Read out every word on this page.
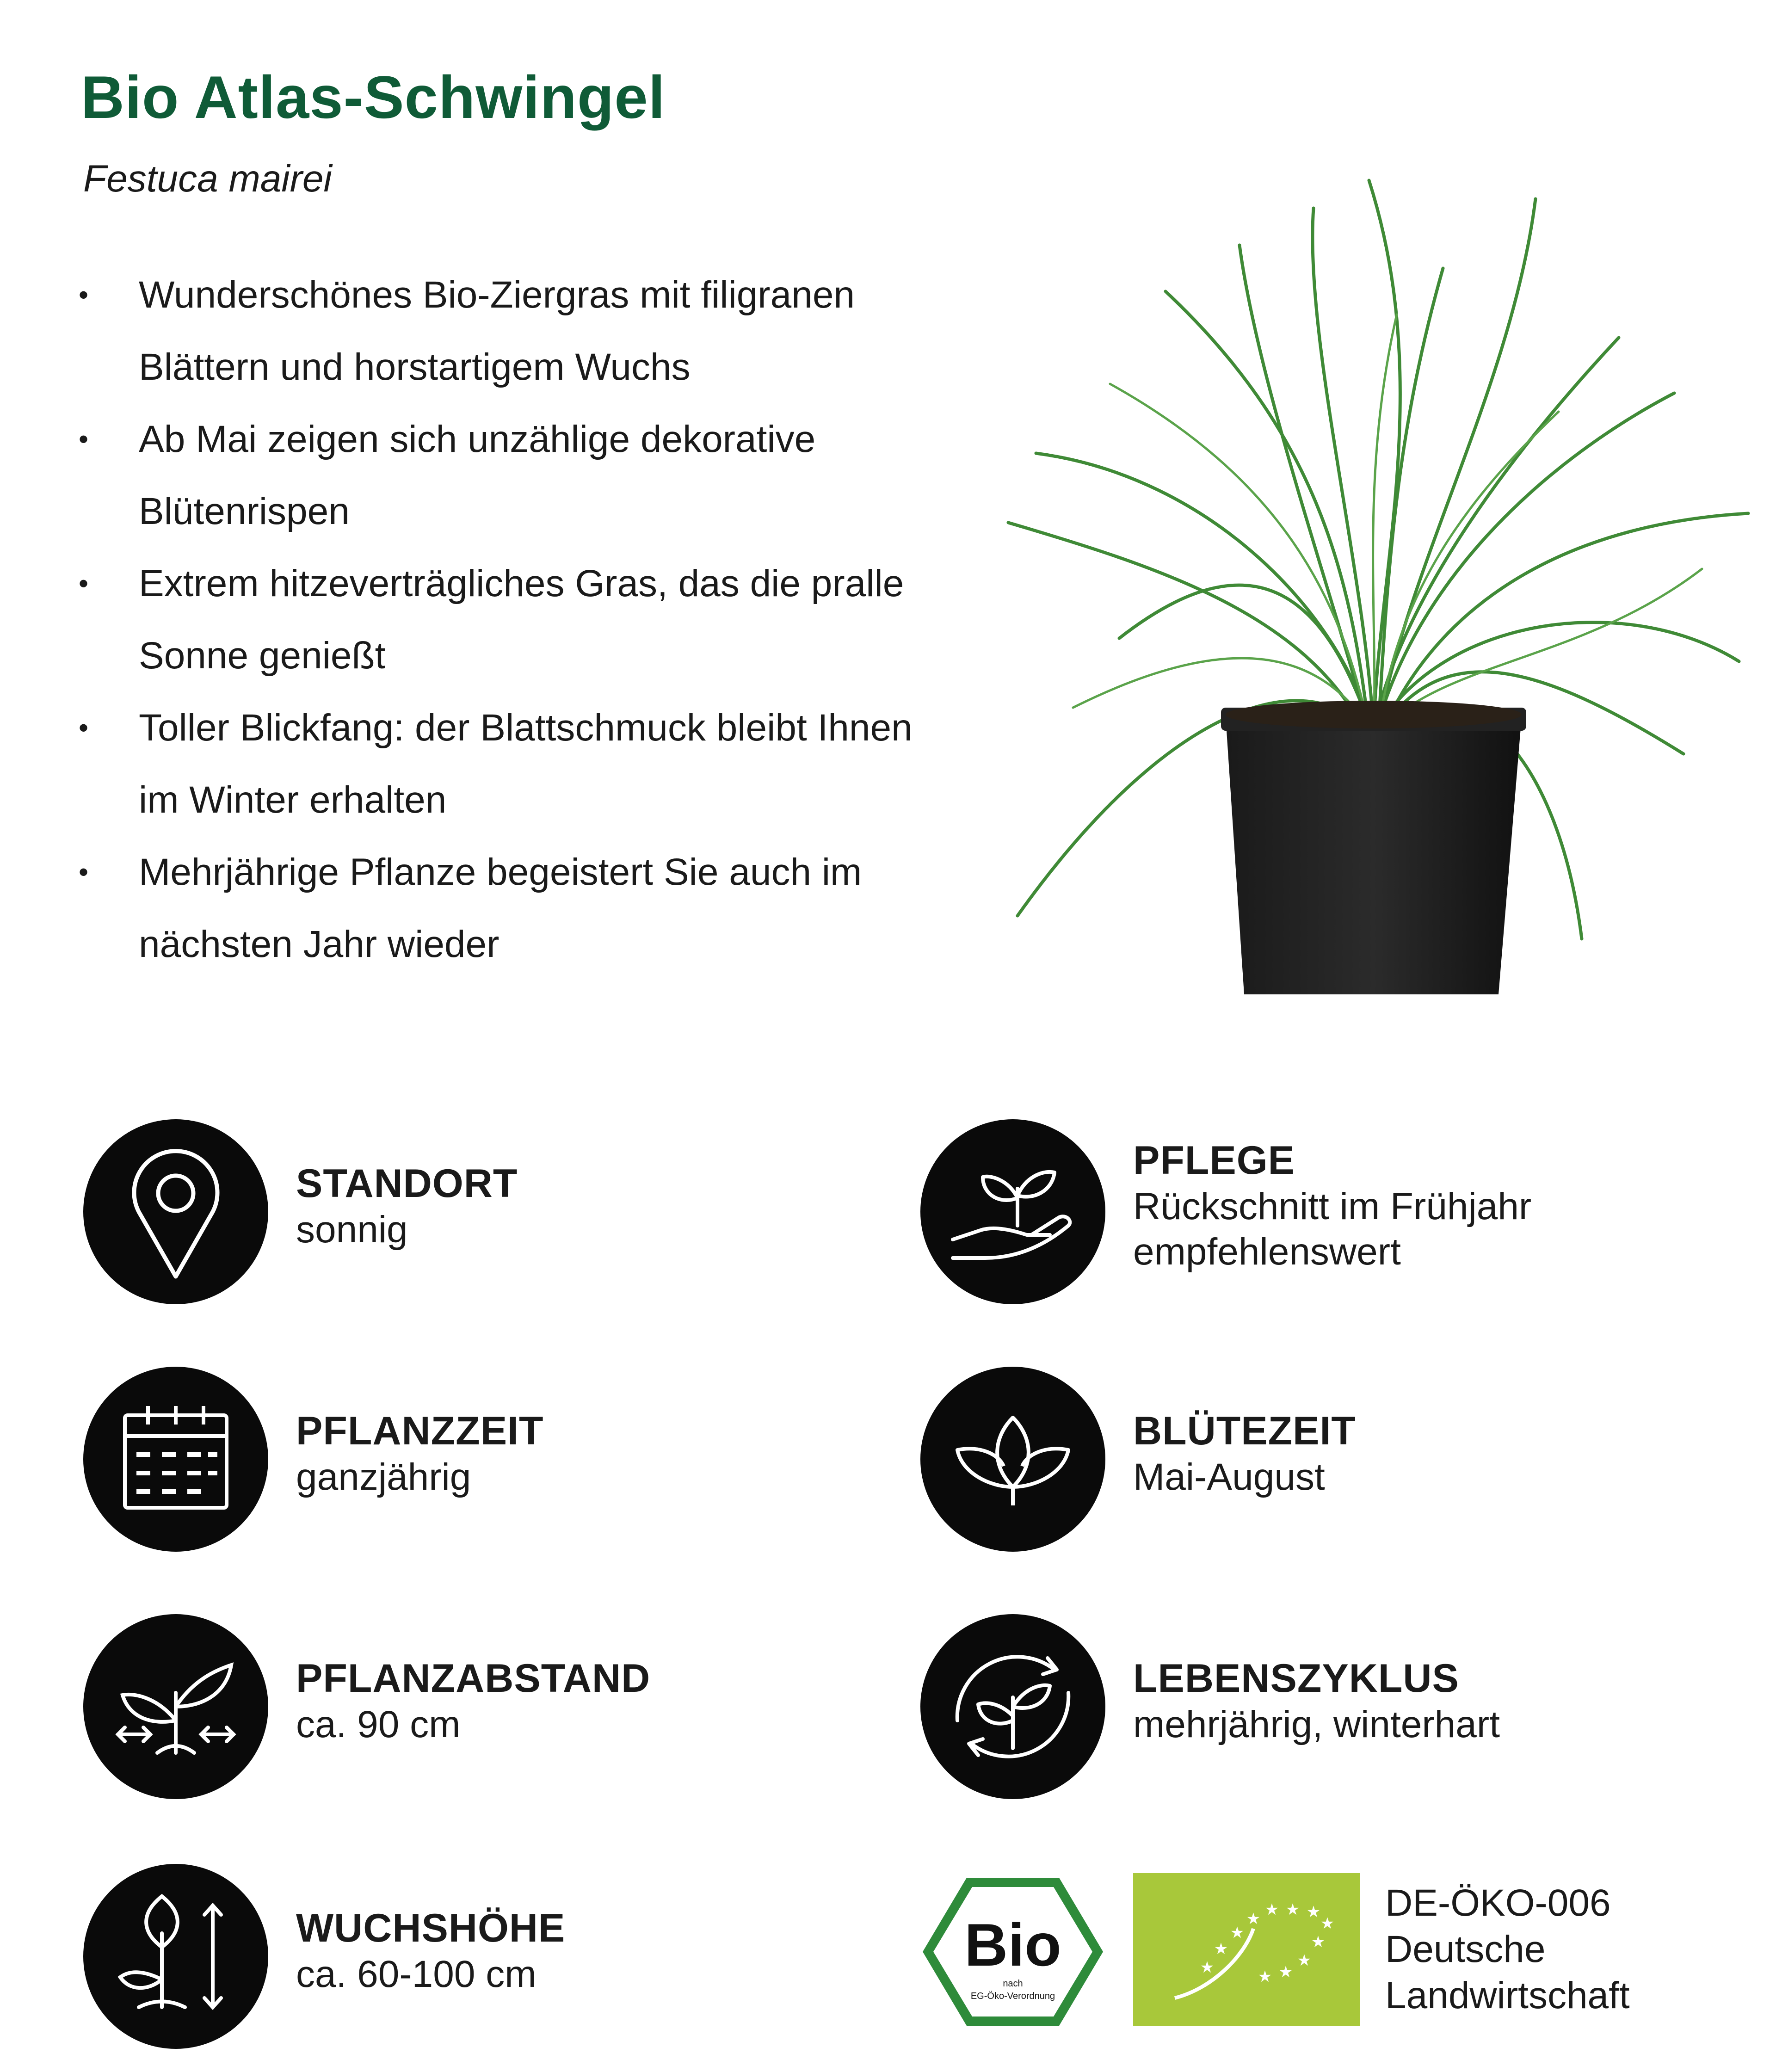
Bio Atlas-Schwingel
Festuca mairei
• Wunderschönes Bio-Ziergras mit filigranen Blättern und horstartigem Wuchs
• Ab Mai zeigen sich unzählige dekorative Blütenrispen
• Extrem hitzeverträgliches Gras, das die pralle Sonne genießt
• Toller Blickfang: der Blattschmuck bleibt Ihnen im Winter erhalten
• Mehrjährige Pflanze begeistert Sie auch im nächsten Jahr wieder
STANDORT
sonnig
PFLANZZEIT
ganzjährig
PFLANZABSTAND
ca. 90 cm
WUCHSHÖHE
ca. 60-100 cm
PFLEGE
Rückschnitt im Frühjahr empfehlenswert
BLÜTEZEIT
Mai-August
LEBENSZYKLUS
mehrjährig, winterhart
Bio
nach
EG-Öko-Verordnung
★ ★ ★
★	★
★	★
★
★
★	★
★
DE-ÖKO-006
Deutsche
Landwirtschaft
